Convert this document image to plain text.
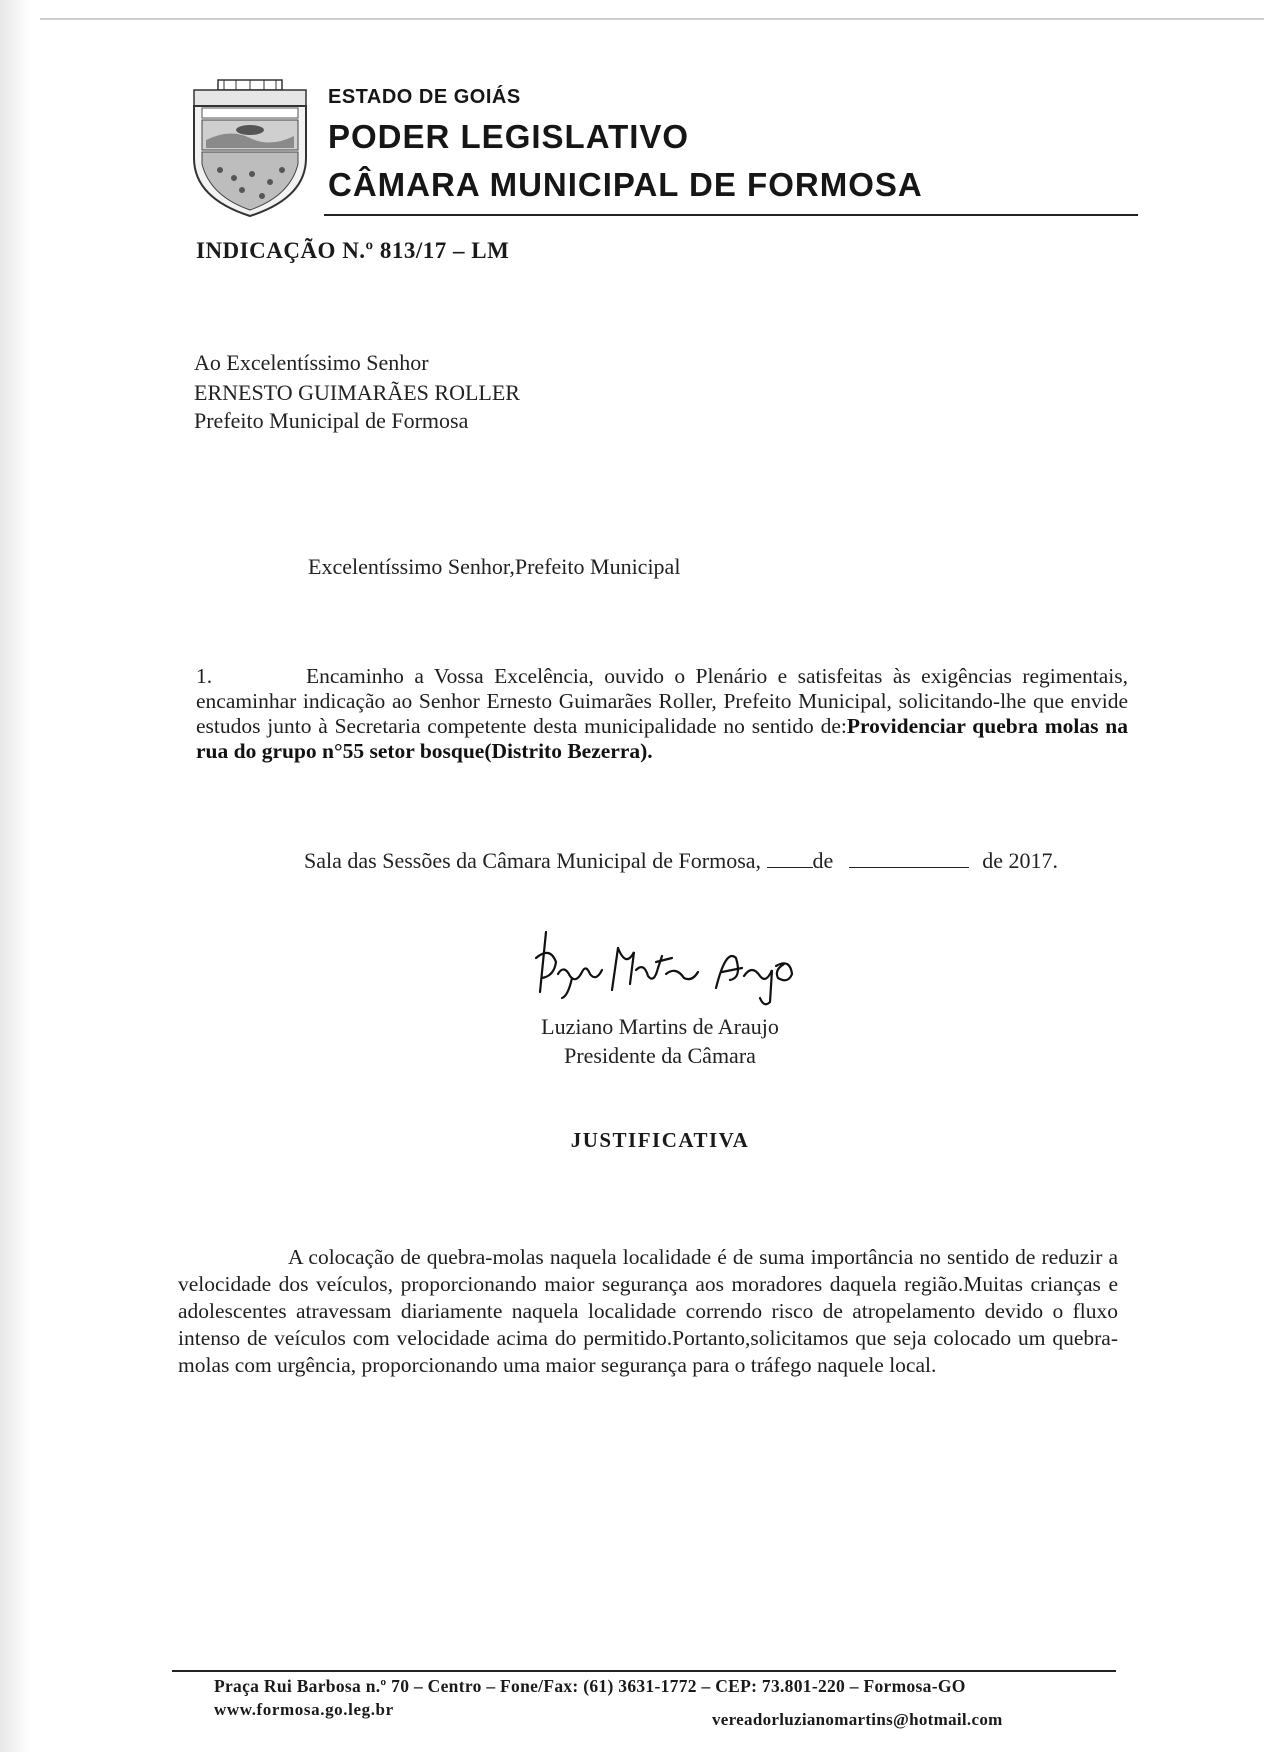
ESTADO DE GOIÁS
PODER LEGISLATIVO
CÂMARA MUNICIPAL DE FORMOSA
INDICAÇÃO N.º 813/17 – LM
Ao Excelentíssimo Senhor
ERNESTO GUIMARÃES ROLLER
Prefeito Municipal de Formosa
Excelentíssimo Senhor,Prefeito Municipal
1.	Encaminho a Vossa Excelência, ouvido o Plenário e satisfeitas às exigências regimentais, encaminhar indicação ao Senhor Ernesto Guimarães Roller, Prefeito Municipal, solicitando-lhe que envide estudos junto à Secretaria competente desta municipalidade no sentido de:Providenciar quebra molas na rua do grupo n°55 setor bosque(Distrito Bezerra).
Sala das Sessões da Câmara Municipal de Formosa, de	de 2017.
Luziano Martins de Araujo
Presidente da Câmara
JUSTIFICATIVA
A colocação de quebra-molas naquela localidade é de suma importância no sentido de reduzir a velocidade dos veículos, proporcionando maior segurança aos moradores daquela região.Muitas crianças e adolescentes atravessam diariamente naquela localidade correndo risco de atropelamento devido o fluxo intenso de veículos com velocidade acima do permitido.Portanto,solicitamos que seja colocado um quebra-molas com urgência, proporcionando uma maior segurança para o tráfego naquele local.
Praça Rui Barbosa n.º 70 – Centro – Fone/Fax: (61) 3631-1772 – CEP: 73.801-220 – Formosa-GO
www.formosa.go.leg.br
vereadorluzianomartins@hotmail.com
